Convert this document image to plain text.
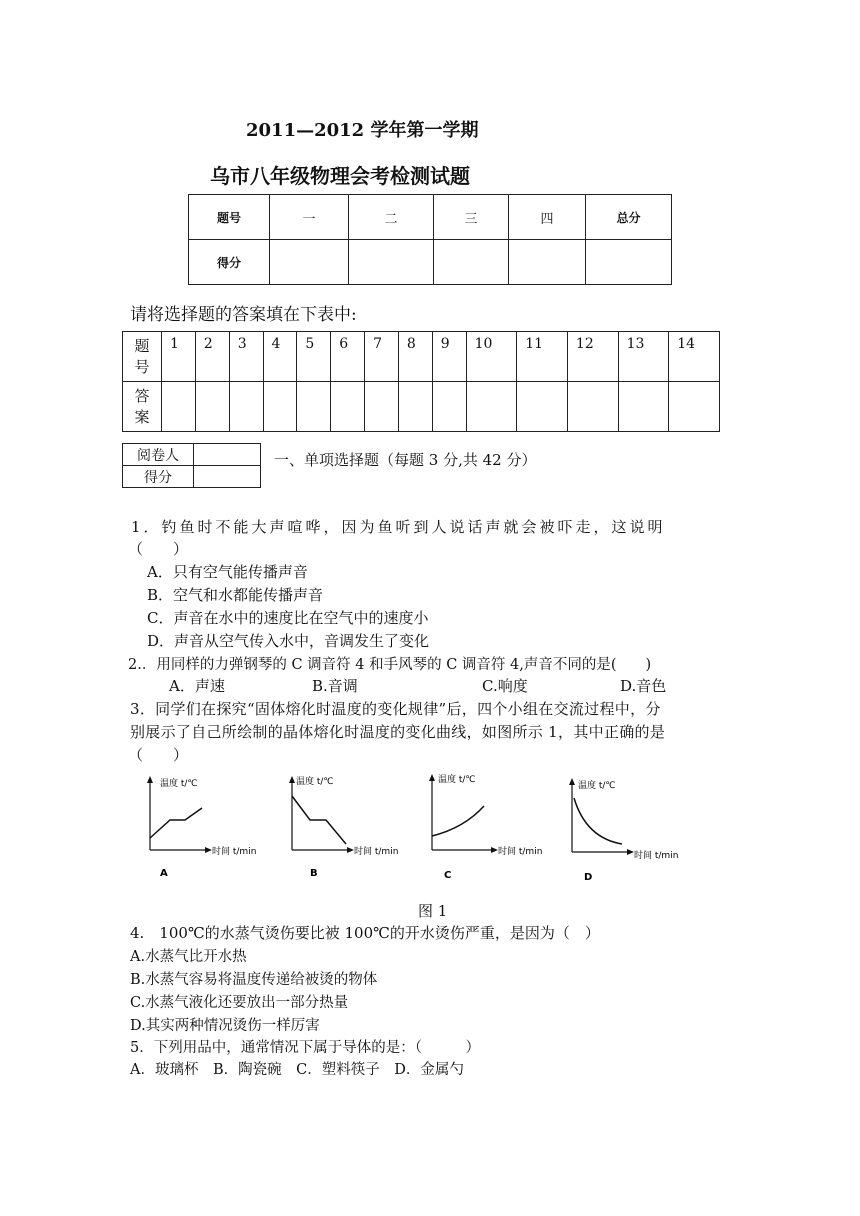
2011—2012 学年第一学期
乌市八年级物理会考检测试题
题号	一	二	三	四	总分
得分					
请将选择题的答案填在下表中:
题
号	1	2	3	4	5	6	7	8	9	10	11	12	13	14
答
案														
阅卷人	
得分	
一、单项选择题（每题 3 分,共 42 分）
1．钓鱼时不能大声喧哗，因为鱼听到人说话声就会被吓走，这说明
（　　）
A．只有空气能传播声音
B．空气和水都能传播声音
C．声音在水中的速度比在空气中的速度小
D．声音从空气传入水中，音调发生了变化
2.．用同样的力弹钢琴的 C 调音符 4 和手风琴的 C 调音符 4,声音不同的是(　　)
A．声速	B.音调	C.响度	D.音色
3．同学们在探究“固体熔化时温度的变化规律”后，四个小组在交流过程中，分
别展示了自己所绘制的晶体熔化时温度的变化曲线，如图所示 1，其中正确的是
（　　）
温度 t/℃
时间 t/min
A
温度 t/℃
时间 t/min
B
温度 t/℃
时间 t/min
C
温度 t/℃
时间 t/min
D
图 1
4.　100℃的水蒸气烫伤要比被 100℃的开水烫伤严重，是因为（　）
A.水蒸气比开水热
B.水蒸气容易将温度传递给被烫的物体
C.水蒸气液化还要放出一部分热量
D.其实两种情况烫伤一样厉害
5．下列用品中，通常情况下属于导体的是：（　　　）
A．玻璃杯　B．陶瓷碗　C．塑料筷子　D．金属勺
